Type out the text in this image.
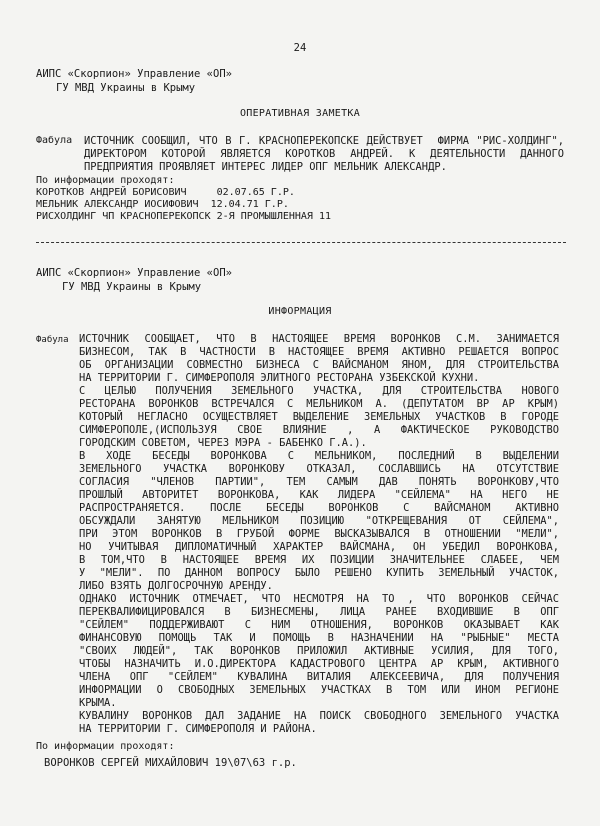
24
АИПС «Скорпион» Управление «ОП»
ГУ МВД Украины в Крыму
ОПЕРАТИВНАЯ ЗАМЕТКА
Фабула ИСТОЧНИК СООБЩИЛ, ЧТО В Г. КРАСНОПЕРЕКОПСКЕ ДЕЙСТВУЕТ  ФИРМА "РИС-ХОЛДИНГ",
ДИРЕКТОРОМ КОТОРОЙ ЯВЛЯЕТСЯ КОРОТКОВ АНДРЕЙ. К ДЕЯТЕЛЬНОСТИ ДАННОГО
ПРЕДПРИЯТИЯ ПРОЯВЛЯЕТ ИНТЕРЕС ЛИДЕР ОПГ МЕЛЬНИК АЛЕКСАНДР.
По информации проходят:
КОРОТКОВ АНДРЕЙ БОРИСОВИЧ     02.07.65 Г.Р.
МЕЛЬНИК АЛЕКСАНДР ИОСИФОВИЧ  12.04.71 Г.Р.
РИСХОЛДИНГ ЧП КРАСНОПЕРЕКОПСК 2-Я ПРОМЫШЛЕННАЯ 11
АИПС «Скорпион» Управление «ОП»
ГУ МВД Украины в Крыму
ИНФОРМАЦИЯ
Фабула ИСТОЧНИК СООБЩАЕТ, ЧТО В НАСТОЯЩЕЕ ВРЕМЯ ВОРОНКОВ С.М. ЗАНИМАЕТСЯ
БИЗНЕСОМ, ТАК В ЧАСТНОСТИ В НАСТОЯЩЕЕ ВРЕМЯ АКТИВНО РЕШАЕТСЯ ВОПРОС
ОБ ОРГАНИЗАЦИИ СОВМЕСТНО БИЗНЕСА С ВАЙСМАНОМ ЯНОМ, ДЛЯ СТРОИТЕЛЬСТВА
НА ТЕРРИТОРИИ Г. СИМФЕРОПОЛЯ ЭЛИТНОГО РЕСТОРАНА УЗБЕКСКОЙ КУХНИ.
С ЦЕЛЬЮ ПОЛУЧЕНИЯ ЗЕМЕЛЬНОГО УЧАСТКА, ДЛЯ СТРОИТЕЛЬСТВА НОВОГО
РЕСТОРАНА ВОРОНКОВ ВСТРЕЧАЛСЯ С МЕЛЬНИКОМ А. (ДЕПУТАТОМ ВР АР КРЫМ)
КОТОРЫЙ НЕГЛАСНО ОСУЩЕСТВЛЯЕТ ВЫДЕЛЕНИЕ ЗЕМЕЛЬНЫХ УЧАСТКОВ В ГОРОДЕ
СИМФЕРОПОЛЕ,(ИСПОЛЬЗУЯ СВОЕ ВЛИЯНИЕ , А ФАКТИЧЕСКОЕ РУКОВОДСТВО
ГОРОДСКИМ СОВЕТОМ, ЧЕРЕЗ МЭРА - БАБЕНКО Г.А.).
В ХОДЕ БЕСЕДЫ ВОРОНКОВА С МЕЛЬНИКОМ, ПОСЛЕДНИЙ В ВЫДЕЛЕНИИ
ЗЕМЕЛЬНОГО УЧАСТКА ВОРОНКОВУ ОТКАЗАЛ, СОСЛАВШИСЬ НА ОТСУТСТВИЕ
СОГЛАСИЯ "ЧЛЕНОВ ПАРТИИ", ТЕМ САМЫМ ДАВ ПОНЯТЬ ВОРОНКОВУ,ЧТО
ПРОШЛЫЙ АВТОРИТЕТ ВОРОНКОВА, КАК ЛИДЕРА "СЕЙЛЕМА" НА НЕГО НЕ
РАСПРОСТРАНЯЕТСЯ. ПОСЛЕ БЕСЕДЫ ВОРОНКОВ С ВАЙСМАНОМ АКТИВНО
ОБСУЖДАЛИ ЗАНЯТУЮ МЕЛЬНИКОМ ПОЗИЦИЮ "ОТКРЕЩЕВАНИЯ ОТ СЕЙЛЕМА",
ПРИ ЭТОМ ВОРОНКОВ В ГРУБОЙ ФОРМЕ ВЫСКАЗЫВАЛСЯ В ОТНОШЕНИИ "МЕЛИ",
НО УЧИТЫВАЯ ДИПЛОМАТИЧНЫЙ ХАРАКТЕР ВАЙСМАНА, ОН УБЕДИЛ ВОРОНКОВА,
В ТОМ,ЧТО В НАСТОЯЩЕЕ ВРЕМЯ ИХ ПОЗИЦИИ ЗНАЧИТЕЛЬНЕЕ СЛАБЕЕ, ЧЕМ
У "МЕЛИ". ПО ДАННОМ ВОПРОСУ БЫЛО РЕШЕНО КУПИТЬ ЗЕМЕЛЬНЫЙ УЧАСТОК,
ЛИБО ВЗЯТЬ ДОЛГОСРОЧНУЮ АРЕНДУ.
ОДНАКО ИСТОЧНИК ОТМЕЧАЕТ, ЧТО НЕСМОТРЯ НА ТО , ЧТО ВОРОНКОВ СЕЙЧАС
ПЕРЕКВАЛИФИЦИРОВАЛСЯ В БИЗНЕСМЕНЫ, ЛИЦА РАНЕЕ ВХОДИВШИЕ В ОПГ
"СЕЙЛЕМ" ПОДДЕРЖИВАЮТ С НИМ ОТНОШЕНИЯ, ВОРОНКОВ ОКАЗЫВАЕТ КАК
ФИНАНСОВУЮ ПОМОЩЬ ТАК И ПОМОЩЬ В НАЗНАЧЕНИИ НА "РЫБНЫЕ" МЕСТА
"СВОИХ ЛЮДЕЙ", ТАК ВОРОНКОВ ПРИЛОЖИЛ АКТИВНЫЕ УСИЛИЯ, ДЛЯ ТОГО,
ЧТОБЫ НАЗНАЧИТЬ И.О.ДИРЕКТОРА КАДАСТРОВОГО ЦЕНТРА АР КРЫМ, АКТИВНОГО
ЧЛЕНА ОПГ "СЕЙЛЕМ" КУВАЛИНА ВИТАЛИЯ АЛЕКСЕЕВИЧА, ДЛЯ ПОЛУЧЕНИЯ
ИНФОРМАЦИИ О СВОБОДНЫХ ЗЕМЕЛЬНЫХ УЧАСТКАХ В ТОМ ИЛИ ИНОМ РЕГИОНЕ
КРЫМА.
КУВАЛИНУ ВОРОНКОВ ДАЛ ЗАДАНИЕ НА ПОИСК СВОБОДНОГО ЗЕМЕЛЬНОГО УЧАСТКА
НА ТЕРРИТОРИИ Г. СИМФЕРОПОЛЯ И РАЙОНА.
По информации проходят:
ВОРОНКОВ СЕРГЕЙ МИХАЙЛОВИЧ 19\07\63 г.р.
